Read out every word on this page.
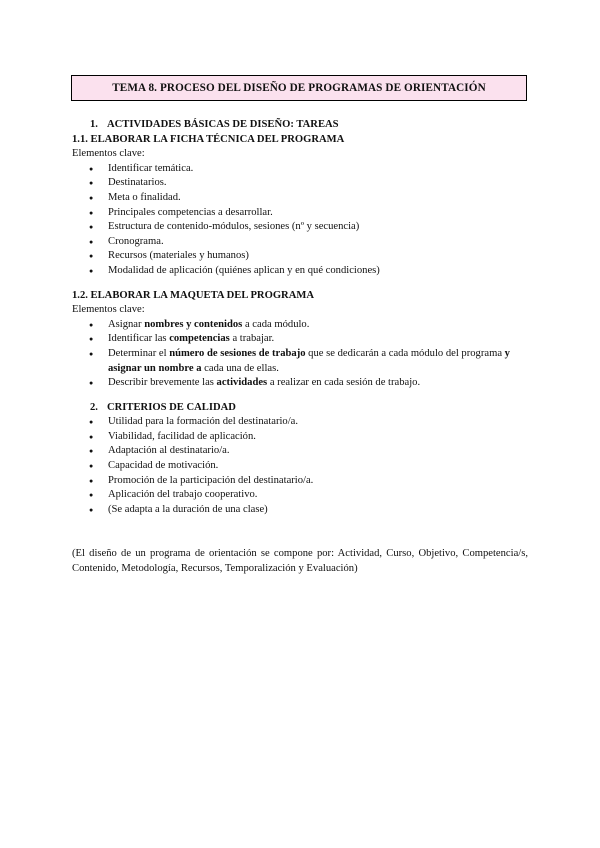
TEMA 8. PROCESO DEL DISEÑO DE PROGRAMAS DE ORIENTACIÓN
1. ACTIVIDADES BÁSICAS DE DISEÑO: TAREAS
1.1. ELABORAR LA FICHA TÉCNICA DEL PROGRAMA
Elementos clave:
● Identificar temática.
● Destinatarios.
● Meta o finalidad.
● Principales competencias a desarrollar.
● Estructura de contenido-módulos, sesiones (nº y secuencia)
● Cronograma.
● Recursos (materiales y humanos)
● Modalidad de aplicación (quiénes aplican y en qué condiciones)
1.2. ELABORAR LA MAQUETA DEL PROGRAMA
Elementos clave:
● Asignar nombres y contenidos a cada módulo.
● Identificar las competencias a trabajar.
● Determinar el número de sesiones de trabajo que se dedicarán a cada módulo del programa y asignar un nombre a cada una de ellas.
● Describir brevemente las actividades a realizar en cada sesión de trabajo.
2. CRITERIOS DE CALIDAD
● Utilidad para la formación del destinatario/a.
● Viabilidad, facilidad de aplicación.
● Adaptación al destinatario/a.
● Capacidad de motivación.
● Promoción de la participación del destinatario/a.
● Aplicación del trabajo cooperativo.
● (Se adapta a la duración de una clase)
(El diseño de un programa de orientación se compone por: Actividad, Curso, Objetivo, Competencia/s, Contenido, Metodología, Recursos, Temporalización y Evaluación)
